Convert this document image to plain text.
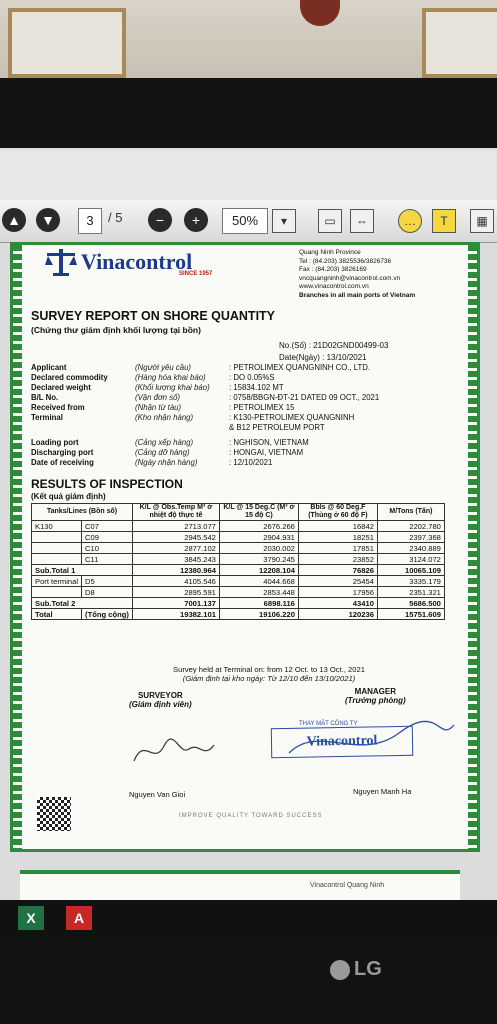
▲	▼	3	/ 5	−	+	50%	▾	▭	⇔	…	T	▦
Vinacontrol
SINCE 1957
Quang Ninh Province
Tel : (84.203) 3825536/3826736
Fax : (84.203) 3826169
vncquangninh@vinacontrol.com.vn
www.vinacontrol.com.vn
Branches in all main ports of Vietnam
SURVEY REPORT ON SHORE QUANTITY
(Chứng thư giám định khối lượng tại bồn)
No.(Số) : 21D02GND00499-03
Date(Ngày) : 13/10/2021
Applicant	(Người yêu cầu)	: PETROLIMEX QUANGNINH CO., LTD.
Declared commodity	(Hàng hóa khai báo)	: DO 0.05%S
Declared weight	(Khối lượng khai báo) : 15834.102 MT
B/L No.	(Vận đơn số)	: 0758/BBGN-ĐT-21 DATED 09 OCT., 2021
Received from	(Nhận từ tàu)	: PETROLIMEX 15
Terminal	(Kho nhận hàng)	: K130-PETROLIMEX QUANGNINH
& B12 PETROLEUM PORT
Loading port	(Cảng xếp hàng)	: NGHISON, VIETNAM
Discharging port	(Cảng dỡ hàng)	: HONGAI, VIETNAM
Date of receiving	(Ngày nhận hàng)	: 12/10/2021
RESULTS OF INSPECTION
(Kết quả giám định)
Tanks/Lines (Bồn số)		K/L @ Obs.Temp M³ ở nhiệt độ thực tế	K/L @ 15 Deg.C (M³ ở 15 độ C)	Bbls @ 60 Deg.F (Thùng ở 60 độ F)	M/Tons (Tấn)
K130	C07	2713.077	2676.266	16842	2202.780
	C09	2945.542	2904.931	18251	2397.368
	C10	2877.102	2030.002	17851	2340.889
	C11	3845.243	3790.245	23852	3124.072
Sub.Total 1		12380.964	12208.104	76826	10065.109
Port terminal	D5	4105.546	4044.668	25454	3335.179
	D8	2895.591	2853.448	17956	2351.321
Sub.Total 2		7001.137	6898.116	43410	5686.500
Total	(Tổng cộng)	19382.101	19106.220	120236	15751.609
Survey held at Terminal on: from 12 Oct. to 13 Oct., 2021
(Giám định tại kho ngày: Từ 12/10 đến 13/10/2021)
SURVEYOR
(Giám định viên)
MANAGER
(Trưởng phòng)
THAY MẶT CÔNG TY
Vinacontrol
Nguyen Van Gioi	Nguyen Manh Ha
IMPROVE QUALITY TOWARD SUCCESS
Vinacontrol Quang Ninh
X	A
LG
